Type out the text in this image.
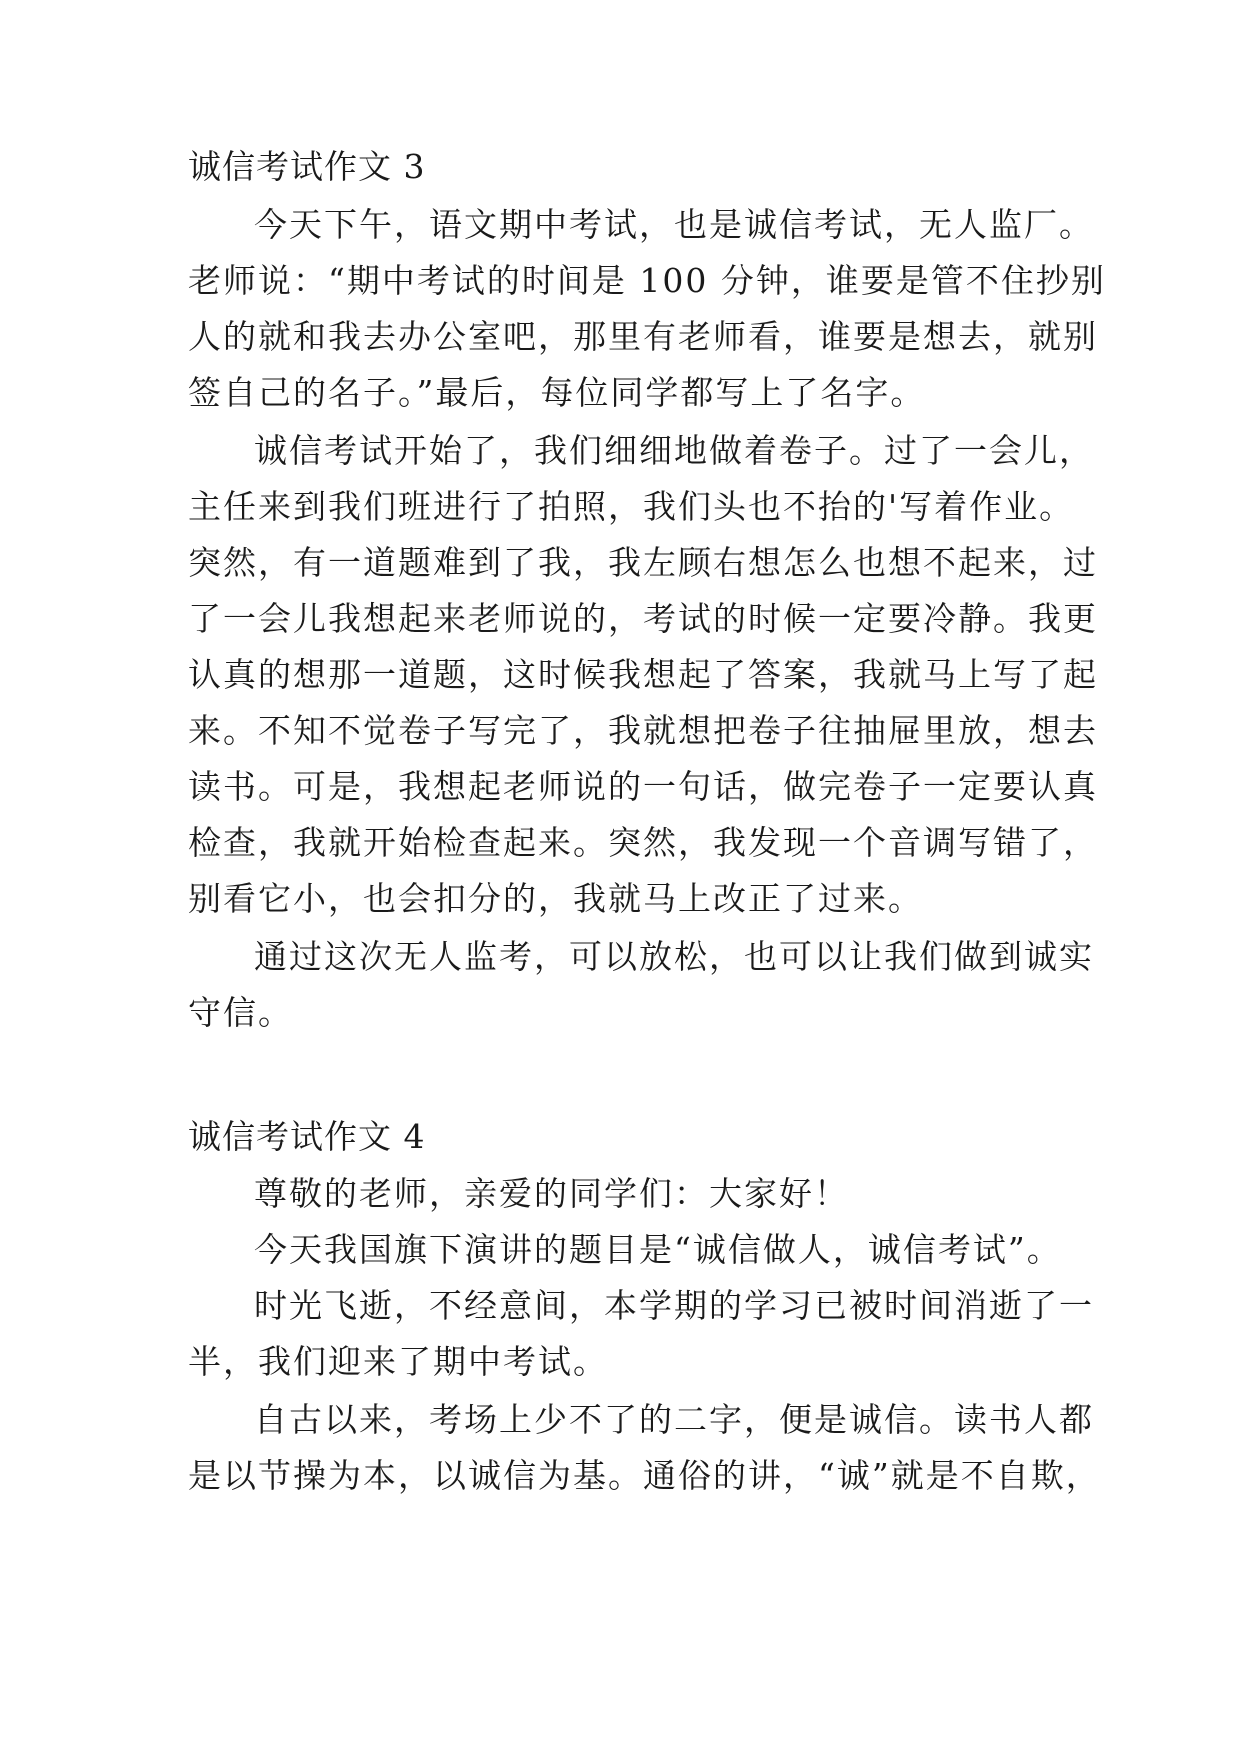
诚信考试作文 3
今天下午，语文期中考试，也是诚信考试，无人监厂。
老师说：“期中考试的时间是 100 分钟，谁要是管不住抄别
人的就和我去办公室吧，那里有老师看，谁要是想去，就别
签自己的名子。”最后，每位同学都写上了名字。
诚信考试开始了，我们细细地做着卷子。过了一会儿，
主任来到我们班进行了拍照，我们头也不抬的'写着作业。
突然，有一道题难到了我，我左顾右想怎么也想不起来，过
了一会儿我想起来老师说的，考试的时候一定要冷静。我更
认真的想那一道题，这时候我想起了答案，我就马上写了起
来。不知不觉卷子写完了，我就想把卷子往抽屉里放，想去
读书。可是，我想起老师说的一句话，做完卷子一定要认真
检查，我就开始检查起来。突然，我发现一个音调写错了，
别看它小，也会扣分的，我就马上改正了过来。
通过这次无人监考，可以放松，也可以让我们做到诚实
守信。
诚信考试作文 4
尊敬的老师，亲爱的同学们：大家好！
今天我国旗下演讲的题目是“诚信做人，诚信考试”。
时光飞逝，不经意间，本学期的学习已被时间消逝了一
半，我们迎来了期中考试。
自古以来，考场上少不了的二字，便是诚信。读书人都
是以节操为本，以诚信为基。通俗的讲，“诚”就是不自欺，
